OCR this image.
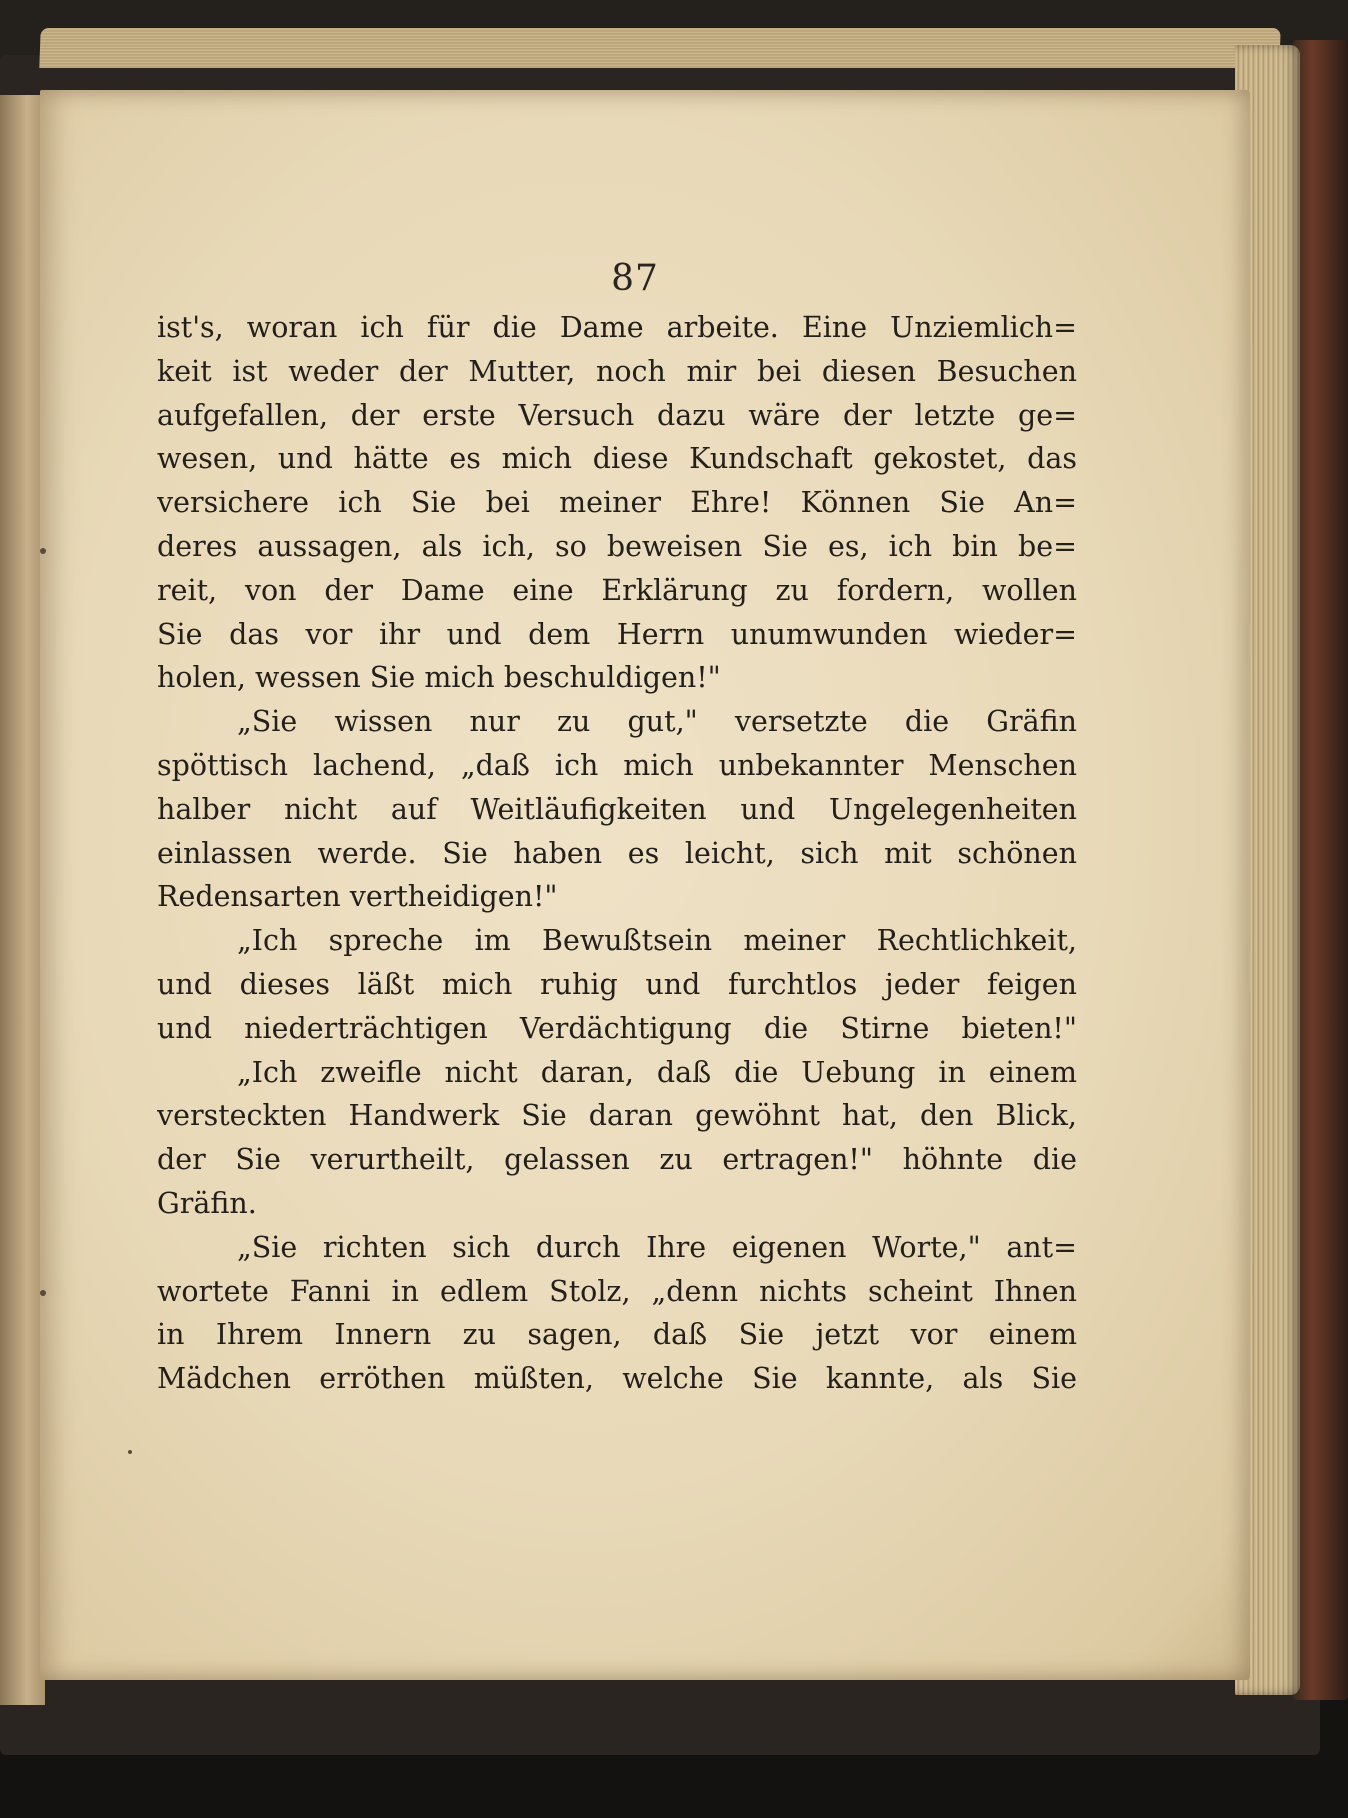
87
ist's, woran ich für die Dame arbeite. Eine Unziemlich=
keit ist weder der Mutter, noch mir bei diesen Besuchen
aufgefallen, der erste Versuch dazu wäre der letzte ge=
wesen, und hätte es mich diese Kundschaft gekostet, das
versichere ich Sie bei meiner Ehre! Können Sie An=
deres aussagen, als ich, so beweisen Sie es, ich bin be=
reit, von der Dame eine Erklärung zu fordern, wollen
Sie das vor ihr und dem Herrn unumwunden wieder=
holen, wessen Sie mich beschuldigen!"
„Sie wissen nur zu gut," versetzte die Gräfin
spöttisch lachend, „daß ich mich unbekannter Menschen
halber nicht auf Weitläufigkeiten und Ungelegenheiten
einlassen werde. Sie haben es leicht, sich mit schönen
Redensarten vertheidigen!"
„Ich spreche im Bewußtsein meiner Rechtlichkeit,
und dieses läßt mich ruhig und furchtlos jeder feigen
und niederträchtigen Verdächtigung die Stirne bieten!"
„Ich zweifle nicht daran, daß die Uebung in einem
versteckten Handwerk Sie daran gewöhnt hat, den Blick,
der Sie verurtheilt, gelassen zu ertragen!" höhnte die
Gräfin.
„Sie richten sich durch Ihre eigenen Worte," ant=
wortete Fanni in edlem Stolz, „denn nichts scheint Ihnen
in Ihrem Innern zu sagen, daß Sie jetzt vor einem
Mädchen erröthen müßten, welche Sie kannte, als Sie
